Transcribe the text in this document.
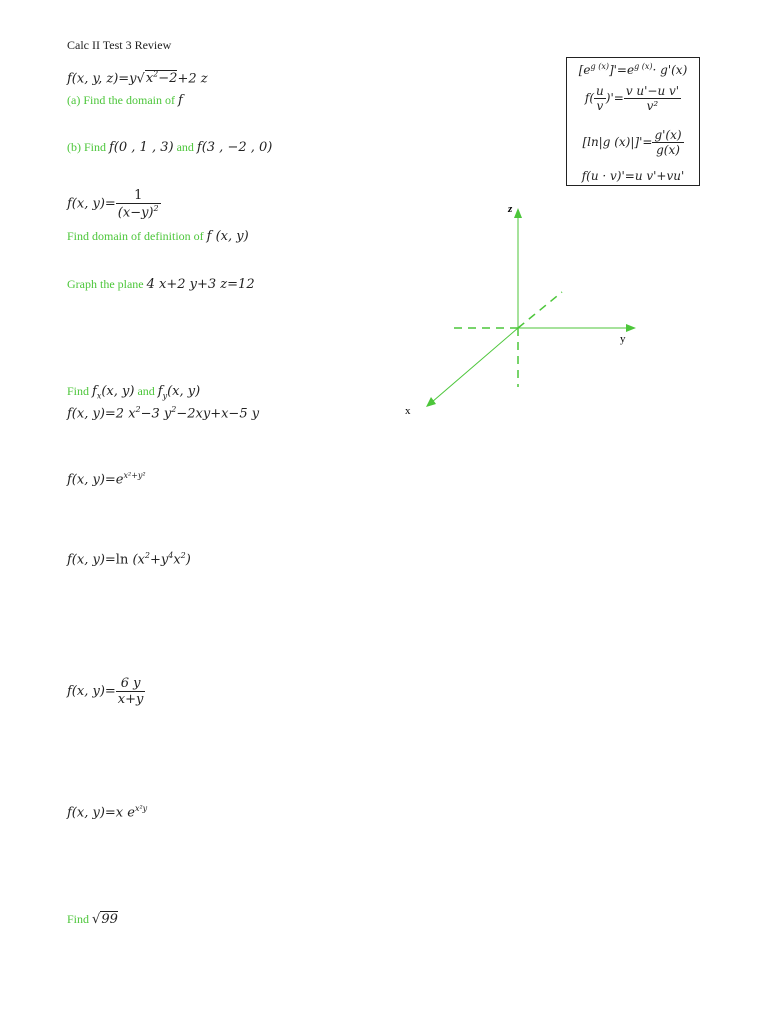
Calc II Test 3 Review
f(x, y, $z)=y√x^2-2+2$ z
(a) Find the domain of f
(b) Find f(0 , 1 , 3) and f(3 , −2 , 0)
f(x, $y)= \frac{1}{(x-y)^2}$
Find domain of definition of f (x, y)
Graph the plane 4 x+2 y+3 z=12
Find $f_x(x$, y) and $f_y(x$, y)
f(x, y)=2 $x^2-3$ $y^2-2xy+x-5$ y
f(x, $y)=e^{x^2+y^2}$
f(x, y)=ln $(x^2+y^4x^2)$
f(x, $y)= \frac{6 y}{x+y}$
f(x, y)=x $e^{x^2y}$
Find √99
$[e^{g (x)}]'=e^{g (x)}\cdot g'(x)$
$f( \frac{u}{v}$ )'= $\frac{\text{v u'−u v'}}{\text{v²}}$
[ln|g $(x)|]'= \frac{g'(x)}{g(x)}$
f(u · v)'=u v'+vu'
z
y
x
